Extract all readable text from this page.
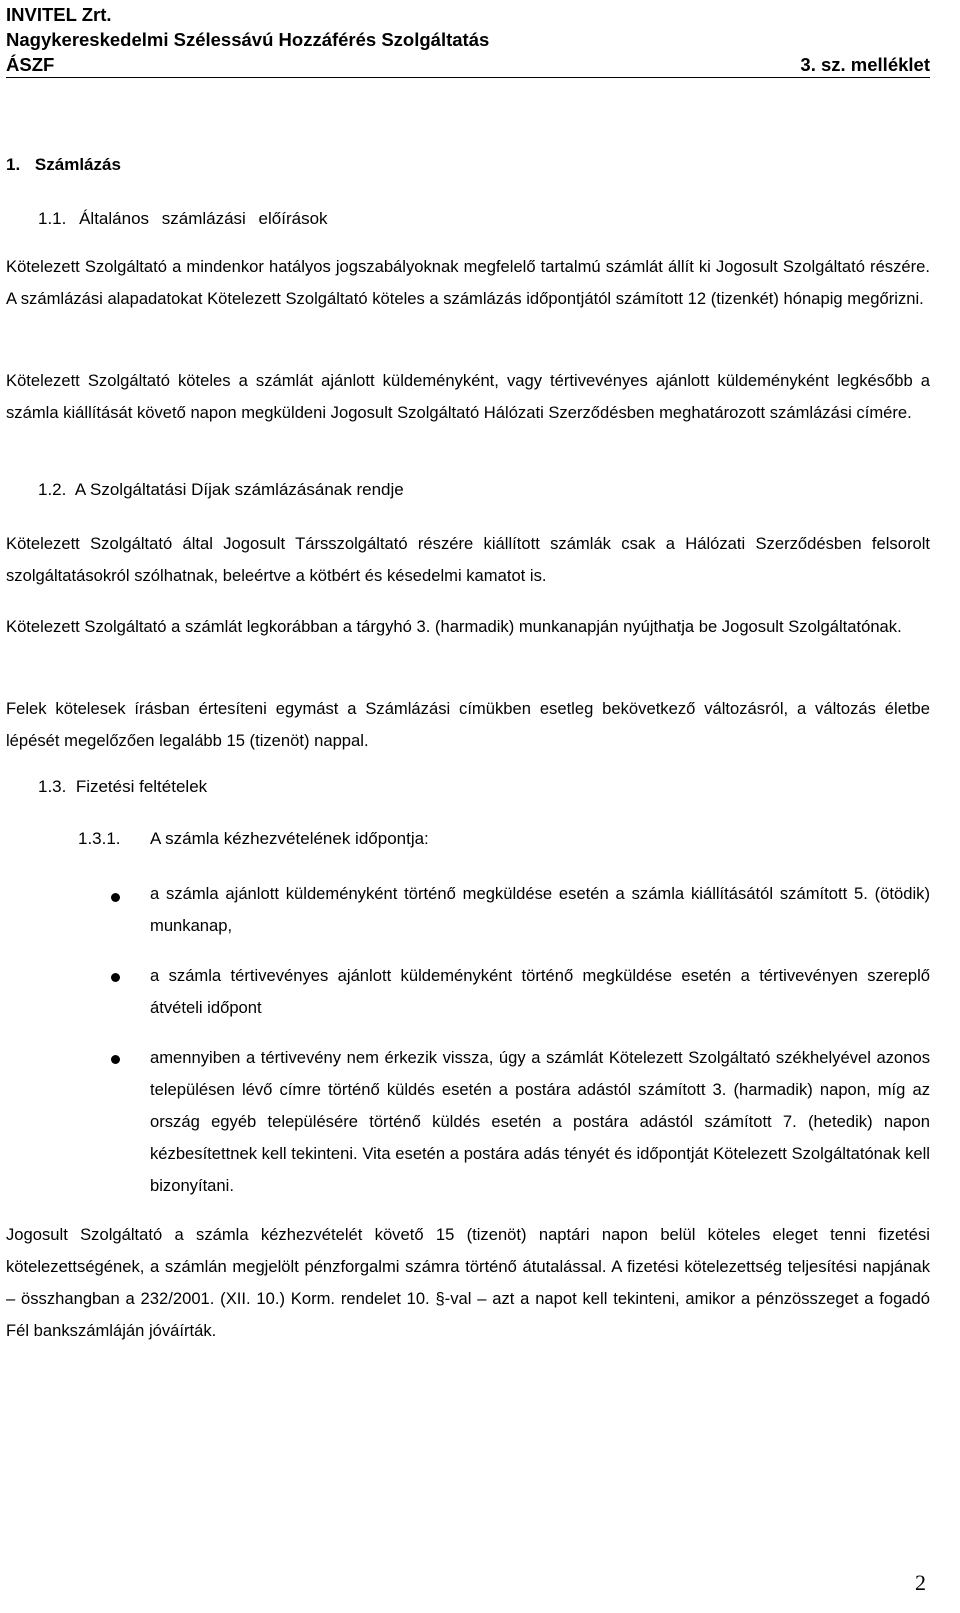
INVITEL Zrt.
Nagykereskedelmi Szélessávú Hozzáférés Szolgáltatás
ÁSZF	3. sz. melléklet
1. Számlázás
1.1. Általános számlázási előírások

Kötelezett Szolgáltató a mindenkor hatályos jogszabályoknak megfelelő tartalmú számlát állít ki Jogosult Szolgáltató részére. A számlázási alapadatokat Kötelezett Szolgáltató köteles a számlázás időpontjától számított 12 (tizenkét) hónapig megőrizni.

Kötelezett Szolgáltató köteles a számlát ajánlott küldeményként, vagy tértivevényes ajánlott küldeményként legkésőbb a számla kiállítását követő napon megküldeni Jogosult Szolgáltató Hálózati Szerződésben meghatározott számlázási címére.

1.2. A Szolgáltatási Díjak számlázásának rendje

Kötelezett Szolgáltató által Jogosult Társszolgáltató részére kiállított számlák csak a Hálózati Szerződésben felsorolt szolgáltatásokról szólhatnak, beleértve a kötbért és késedelmi kamatot is.

Kötelezett Szolgáltató a számlát legkorábban a tárgyhó 3. (harmadik) munkanapján nyújthatja be Jogosult Szolgáltatónak.

Felek kötelesek írásban értesíteni egymást a Számlázási címükben esetleg bekövetkező változásról, a változás életbe lépését megelőzően legalább 15 (tizenöt) nappal.

1.3. Fizetési feltételek
1.3.1. A számla kézhezvételének időpontja:
a számla ajánlott küldeményként történő megküldése esetén a számla kiállításától számított 5. (ötödik) munkanap,
a számla tértivevényes ajánlott küldeményként történő megküldése esetén a tértivevényen szereplő átvételi időpont
amennyiben a tértivevény nem érkezik vissza, úgy a számlát Kötelezett Szolgáltató székhelyével azonos településen lévő címre történő küldés esetén a postára adástól számított 3. (harmadik) napon, míg az ország egyéb településére történő küldés esetén a postára adástól számított 7. (hetedik) napon kézbesítettnek kell tekinteni. Vita esetén a postára adás tényét és időpontját Kötelezett Szolgáltatónak kell bizonyítani.

Jogosult Szolgáltató a számla kézhezvételét követő 15 (tizenöt) naptári napon belül köteles eleget tenni fizetési kötelezettségének, a számlán megjelölt pénzforgalmi számra történő átutalással. A fizetési kötelezettség teljesítési napjának – összhangban a 232/2001. (XII. 10.) Korm. rendelet 10. §-val – azt a napot kell tekinteni, amikor a pénzösszeget a fogadó Fél bankszámláján jóváírták.

2
